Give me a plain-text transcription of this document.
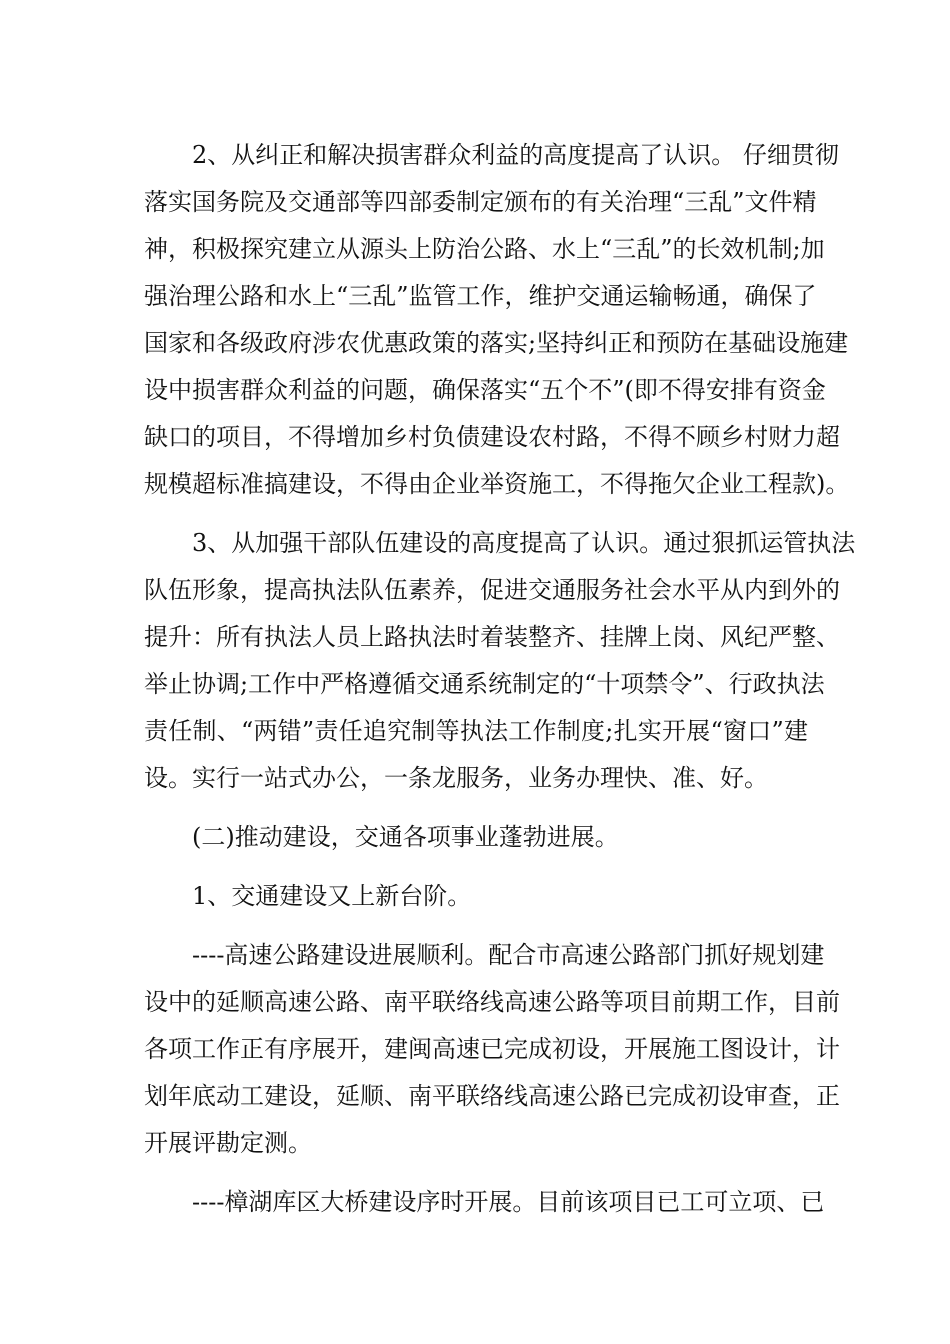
　　2、从纠正和解决损害群众利益的高度提高了认识。 仔细贯彻
落实国务院及交通部等四部委制定颁布的有关治理“三乱”文件精
神，积极探究建立从源头上防治公路、水上“三乱”的长效机制;加
强治理公路和水上“三乱”监管工作，维护交通运输畅通，确保了
国家和各级政府涉农优惠政策的落实;坚持纠正和预防在基础设施建
设中损害群众利益的问题，确保落实“五个不”(即不得安排有资金
缺口的项目，不得增加乡村负债建设农村路，不得不顾乡村财力超
规模超标准搞建设，不得由企业举资施工，不得拖欠企业工程款)。
　　3、从加强干部队伍建设的高度提高了认识。通过狠抓运管执法
队伍形象，提高执法队伍素养，促进交通服务社会水平从内到外的
提升：所有执法人员上路执法时着装整齐、挂牌上岗、风纪严整、
举止协调;工作中严格遵循交通系统制定的“十项禁令”、行政执法
责任制、“两错”责任追究制等执法工作制度;扎实开展“窗口”建
设。实行一站式办公，一条龙服务，业务办理快、准、好。
　　(二)推动建设，交通各项事业蓬勃进展。
　　1、交通建设又上新台阶。
　　----高速公路建设进展顺利。配合市高速公路部门抓好规划建
设中的延顺高速公路、南平联络线高速公路等项目前期工作，目前
各项工作正有序展开，建闽高速已完成初设，开展施工图设计，计
划年底动工建设，延顺、南平联络线高速公路已完成初设审查，正
开展评勘定测。
　　----樟湖库区大桥建设序时开展。目前该项目已工可立项、已
